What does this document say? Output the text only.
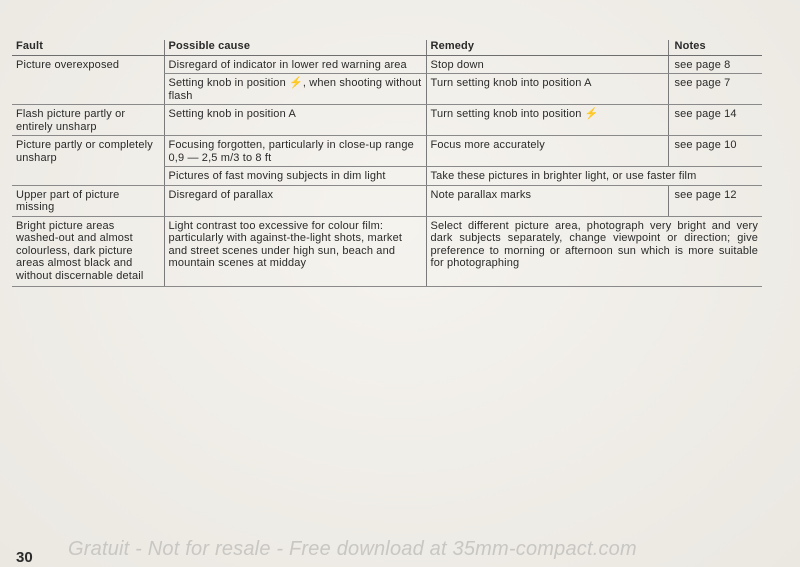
Fault	Possible cause	Remedy	Notes
Picture overexposed	Disregard of indicator in lower red warning area	Stop down	see page 8
	Setting knob in position ⚡, when shooting without flash	Turn setting knob into position A	see page 7
Flash picture partly or entirely unsharp	Setting knob in position A	Turn setting knob into position ⚡	see page 14
Picture partly or completely unsharp	Focusing forgotten, particularly in close-up range 0,9 — 2,5 m/3 to 8 ft	Focus more accurately	see page 10
	Pictures of fast moving subjects in dim light	Take these pictures in brighter light, or use faster film	
Upper part of picture missing	Disregard of parallax	Note parallax marks	see page 12
Bright picture areas washed-out and almost colourless, dark picture areas almost black and without discernable detail	Light contrast too excessive for colour film: particularly with against-the-light shots, market and street scenes under high sun, beach and mountain scenes at midday	Select different picture area, photograph very bright and very dark subjects separately, change viewpoint or direction; give preference to morning or afternoon sun which is more suitable for photographing	
30 Gratuit - Not for resale - Free download at 35mm-compact.com
